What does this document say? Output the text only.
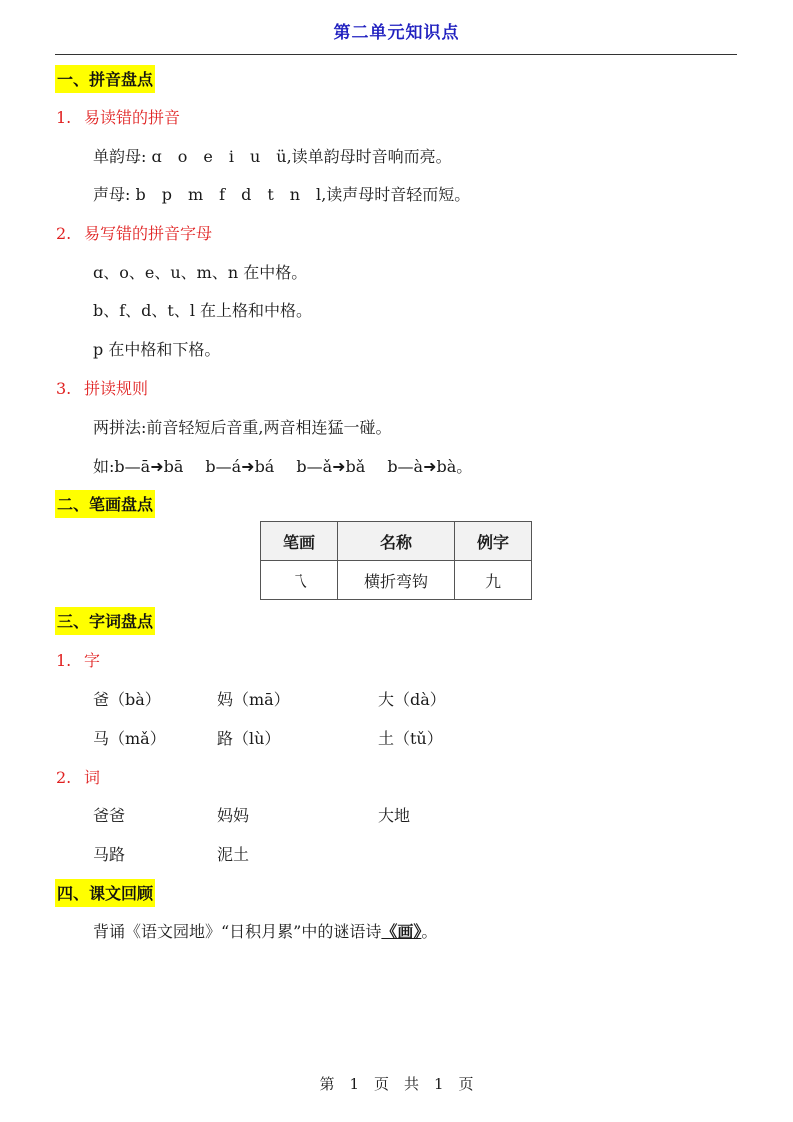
第二单元知识点
一、拼音盘点
1. 易读错的拼音
单韵母: ɑ　o　e　i　u　ü,读单韵母时音响而亮。
声母: b　p　m　f　d　t　n　l,读声母时音轻而短。
2. 易写错的拼音字母
ɑ、o、e、u、m、n 在中格。
b、f、d、t、l 在上格和中格。
p 在中格和下格。
3. 拼读规则
两拼法:前音轻短后音重,两音相连猛一碰。
如:b—ā➜bā b—á➜bá b—ǎ➜bǎ b—à➜bà。
二、笔画盘点
笔画	名称	例字
乁	横折弯钩	九
三、字词盘点
1. 字
爸（bà）	妈（mā）	大（dà）
马（mǎ）	路（lù）	土（tǔ）
2. 词
爸爸	妈妈	大地
马路	泥土
四、课文回顾
背诵《语文园地》“日积月累”中的谜语诗《画》。
第　1　页　共　1　页
